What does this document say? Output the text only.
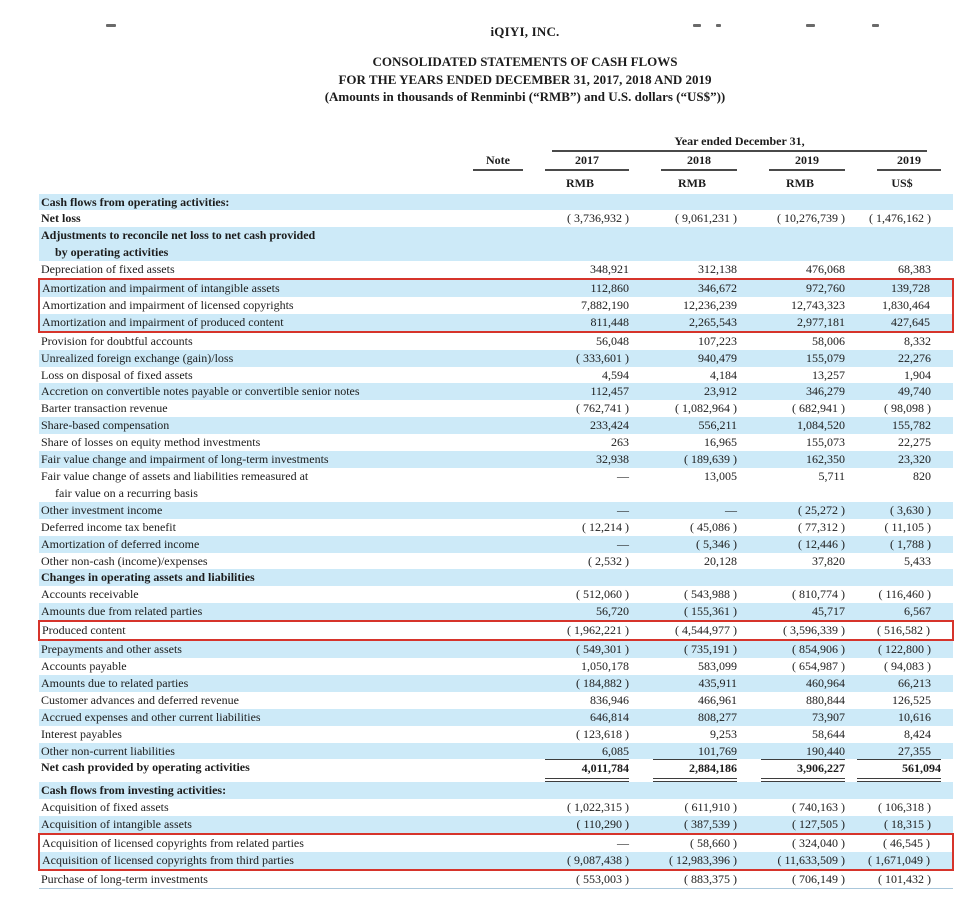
iQIYI, INC.
CONSOLIDATED STATEMENTS OF CASH FLOWS
FOR THE YEARS ENDED DECEMBER 31, 2017, 2018 AND 2019
(Amounts in thousands of Renminbi (“RMB”) and U.S. dollars (“US$”))

		Year ended December 31,			

	Note	2017	2018	2019	2019

		RMB	RMB	RMB	US$

Cash flows from operating activities:					

Net loss		( 3,736,932 )	( 9,061,231 )	( 10,276,739 )	( 1,476,162 )

Adjustments to reconcile net loss to net cash provided
by operating activities					

Depreciation of fixed assets		348,921	312,138	476,068	68,383

Amortization and impairment of intangible assets		112,860	346,672	972,760	139,728

Amortization and impairment of licensed copyrights		7,882,190	12,236,239	12,743,323	1,830,464

Amortization and impairment of produced content		811,448	2,265,543	2,977,181	427,645

Provision for doubtful accounts		56,048	107,223	58,006	8,332

Unrealized foreign exchange (gain)/loss		( 333,601 )	940,479	155,079	22,276

Loss on disposal of fixed assets		4,594	4,184	13,257	1,904

Accretion on convertible notes payable or convertible senior notes		112,457	23,912	346,279	49,740

Barter transaction revenue		( 762,741 )	( 1,082,964 )	( 682,941 )	( 98,098 )

Share-based compensation		233,424	556,211	1,084,520	155,782

Share of losses on equity method investments		263	16,965	155,073	22,275

Fair value change and impairment of long-term investments		32,938	( 189,639 )	162,350	23,320

Fair value change of assets and liabilities remeasured at
fair value on a recurring basis		—	13,005	5,711	820

Other investment income		—	—	( 25,272 )	( 3,630 )

Deferred income tax benefit		( 12,214 )	( 45,086 )	( 77,312 )	( 11,105 )

Amortization of deferred income		—	( 5,346 )	( 12,446 )	( 1,788 )

Other non-cash (income)/expenses		( 2,532 )	20,128	37,820	5,433

Changes in operating assets and liabilities					

Accounts receivable		( 512,060 )	( 543,988 )	( 810,774 )	( 116,460 )

Amounts due from related parties		56,720	( 155,361 )	45,717	6,567

Produced content		( 1,962,221 )	( 4,544,977 )	( 3,596,339 )	( 516,582 )

Prepayments and other assets		( 549,301 )	( 735,191 )	( 854,906 )	( 122,800 )

Accounts payable		1,050,178	583,099	( 654,987 )	( 94,083 )

Amounts due to related parties		( 184,882 )	435,911	460,964	66,213

Customer advances and deferred revenue		836,946	466,961	880,844	126,525

Accrued expenses and other current liabilities		646,814	808,277	73,907	10,616

Interest payables		( 123,618 )	9,253	58,644	8,424

Other non-current liabilities		6,085	101,769	190,440	27,355

Net cash provided by operating activities		4,011,784	2,884,186	3,906,227	561,094

Cash flows from investing activities:					

Acquisition of fixed assets		( 1,022,315 )	( 611,910 )	( 740,163 )	( 106,318 )

Acquisition of intangible assets		( 110,290 )	( 387,539 )	( 127,505 )	( 18,315 )

Acquisition of licensed copyrights from related parties		—	( 58,660 )	( 324,040 )	( 46,545 )

Acquisition of licensed copyrights from third parties		( 9,087,438 )	( 12,983,396 )	( 11,633,509 )	( 1,671,049 )

Purchase of long-term investments		( 553,003 )	( 883,375 )	( 706,149 )	( 101,432 )
